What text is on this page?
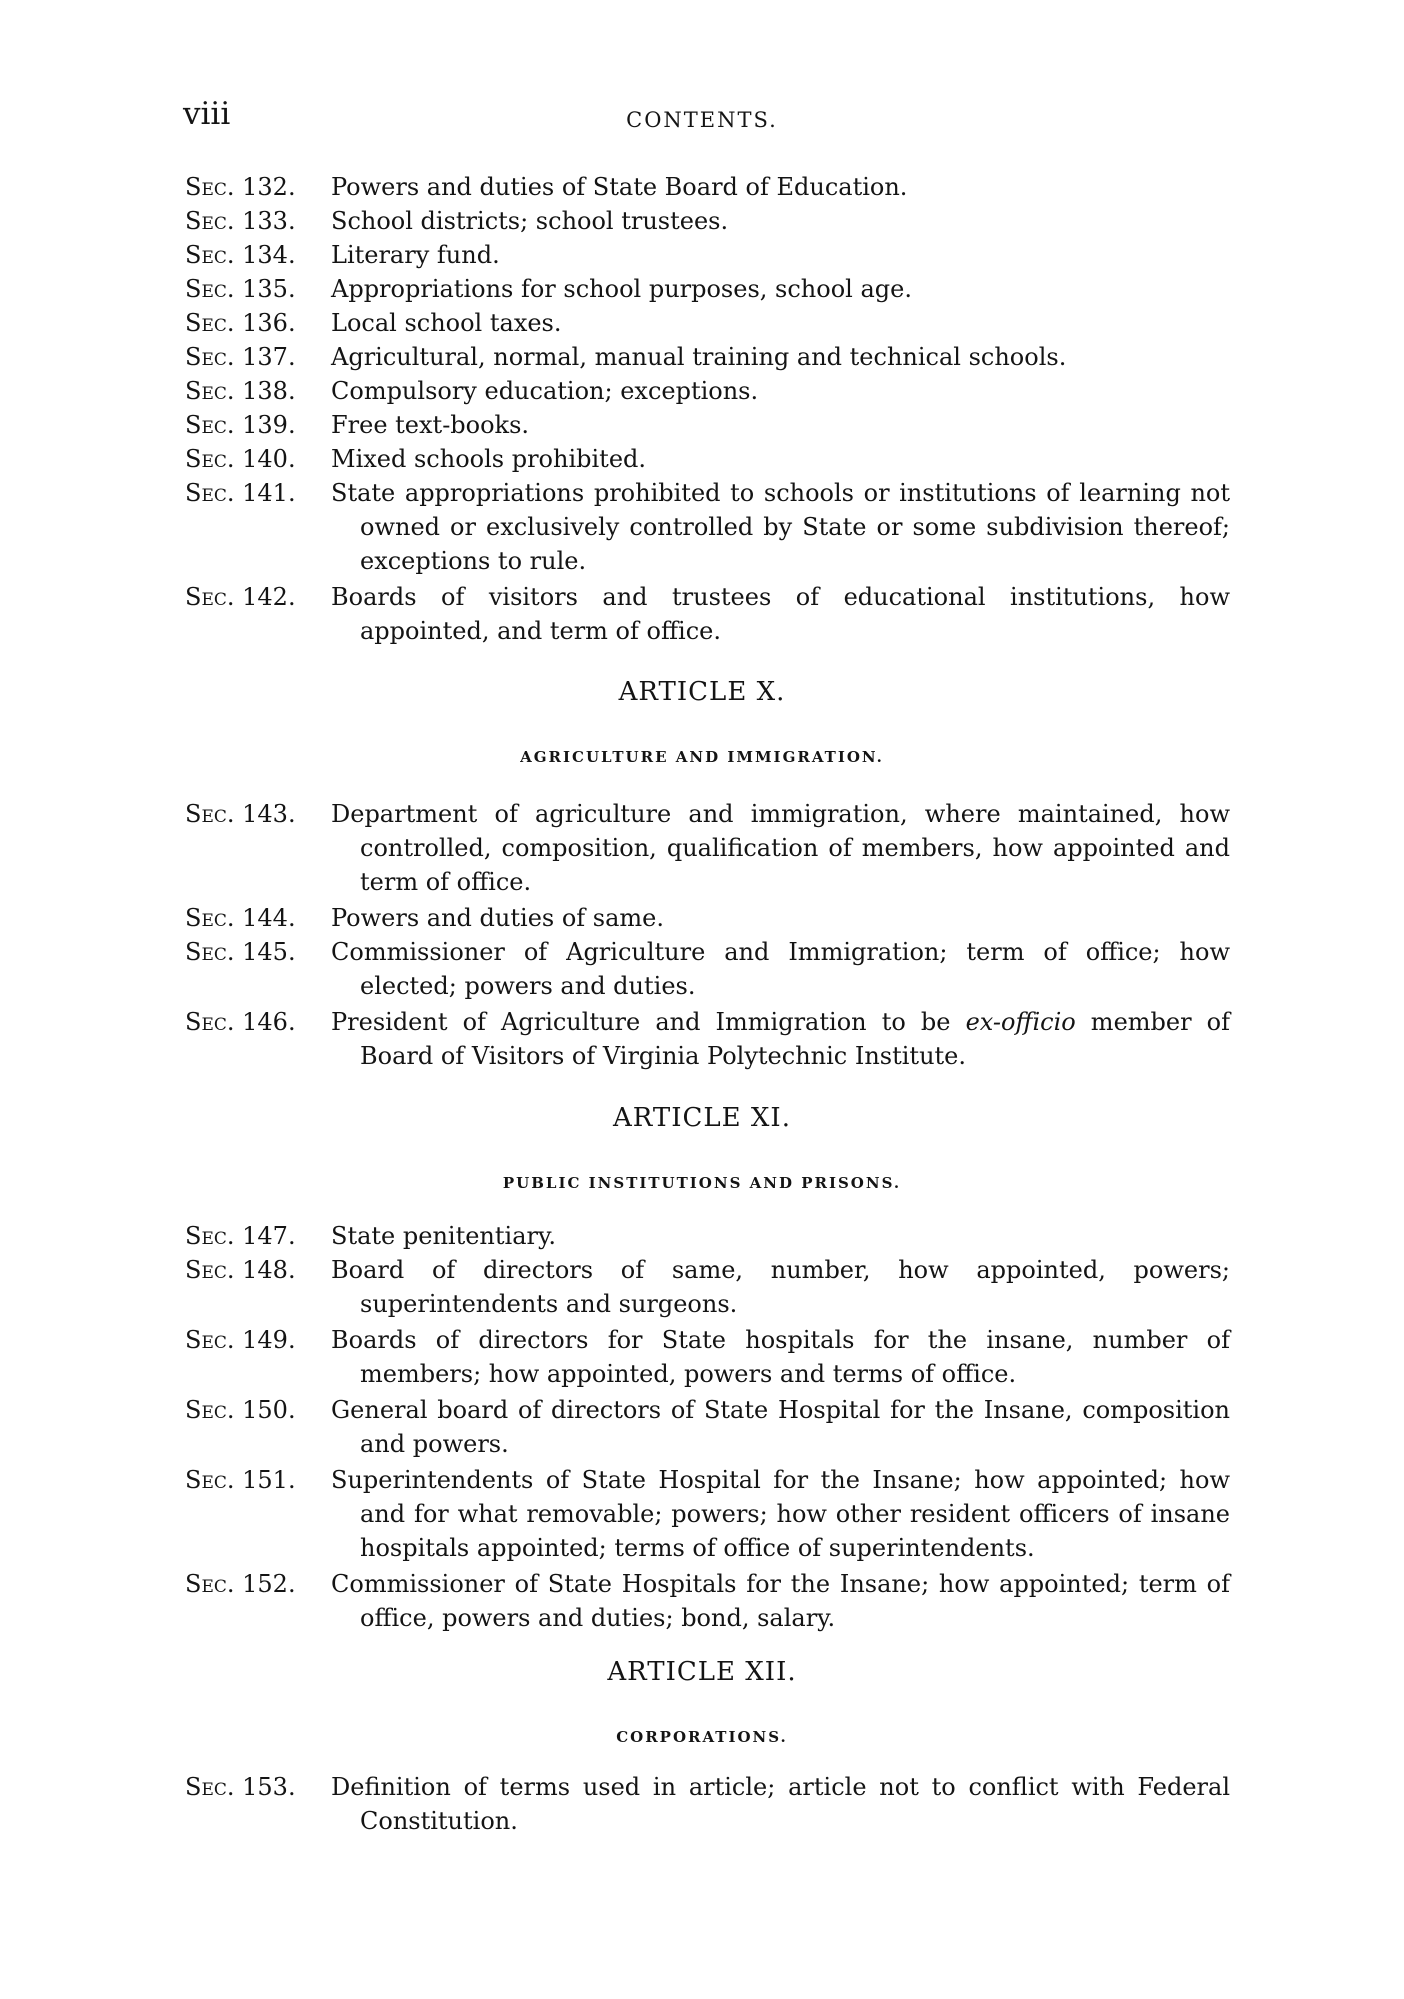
viii	CONTENTS.
Sec. 132.	Powers and duties of State Board of Education.
Sec. 133.	School districts; school trustees.
Sec. 134.	Literary fund.
Sec. 135.	Appropriations for school purposes, school age.
Sec. 136.	Local school taxes.
Sec. 137.	Agricultural, normal, manual training and technical schools.
Sec. 138.	Compulsory education; exceptions.
Sec. 139.	Free text-books.
Sec. 140.	Mixed schools prohibited.
Sec. 141.	State appropriations prohibited to schools or institutions of learning not owned or exclusively controlled by State or some subdivision thereof; exceptions to rule.
Sec. 142.	Boards of visitors and trustees of educational institutions, how appointed, and term of office.
ARTICLE X.
AGRICULTURE AND IMMIGRATION.
Sec. 143.	Department of agriculture and immigration, where maintained, how controlled, composition, qualification of members, how appointed and term of office.
Sec. 144.	Powers and duties of same.
Sec. 145.	Commissioner of Agriculture and Immigration; term of office; how elected; powers and duties.
Sec. 146.	President of Agriculture and Immigration to be ex-officio member of Board of Visitors of Virginia Polytechnic Institute.
ARTICLE XI.
PUBLIC INSTITUTIONS AND PRISONS.
Sec. 147.	State penitentiary.
Sec. 148.	Board of directors of same, number, how appointed, powers; superintendents and surgeons.
Sec. 149.	Boards of directors for State hospitals for the insane, number of members; how appointed, powers and terms of office.
Sec. 150.	General board of directors of State Hospital for the Insane, composition and powers.
Sec. 151.	Superintendents of State Hospital for the Insane; how appointed; how and for what removable; powers; how other resident officers of insane hospitals appointed; terms of office of superintendents.
Sec. 152.	Commissioner of State Hospitals for the Insane; how appointed; term of office, powers and duties; bond, salary.
ARTICLE XII.
CORPORATIONS.
Sec. 153.	Definition of terms used in article; article not to conflict with Federal Constitution.
